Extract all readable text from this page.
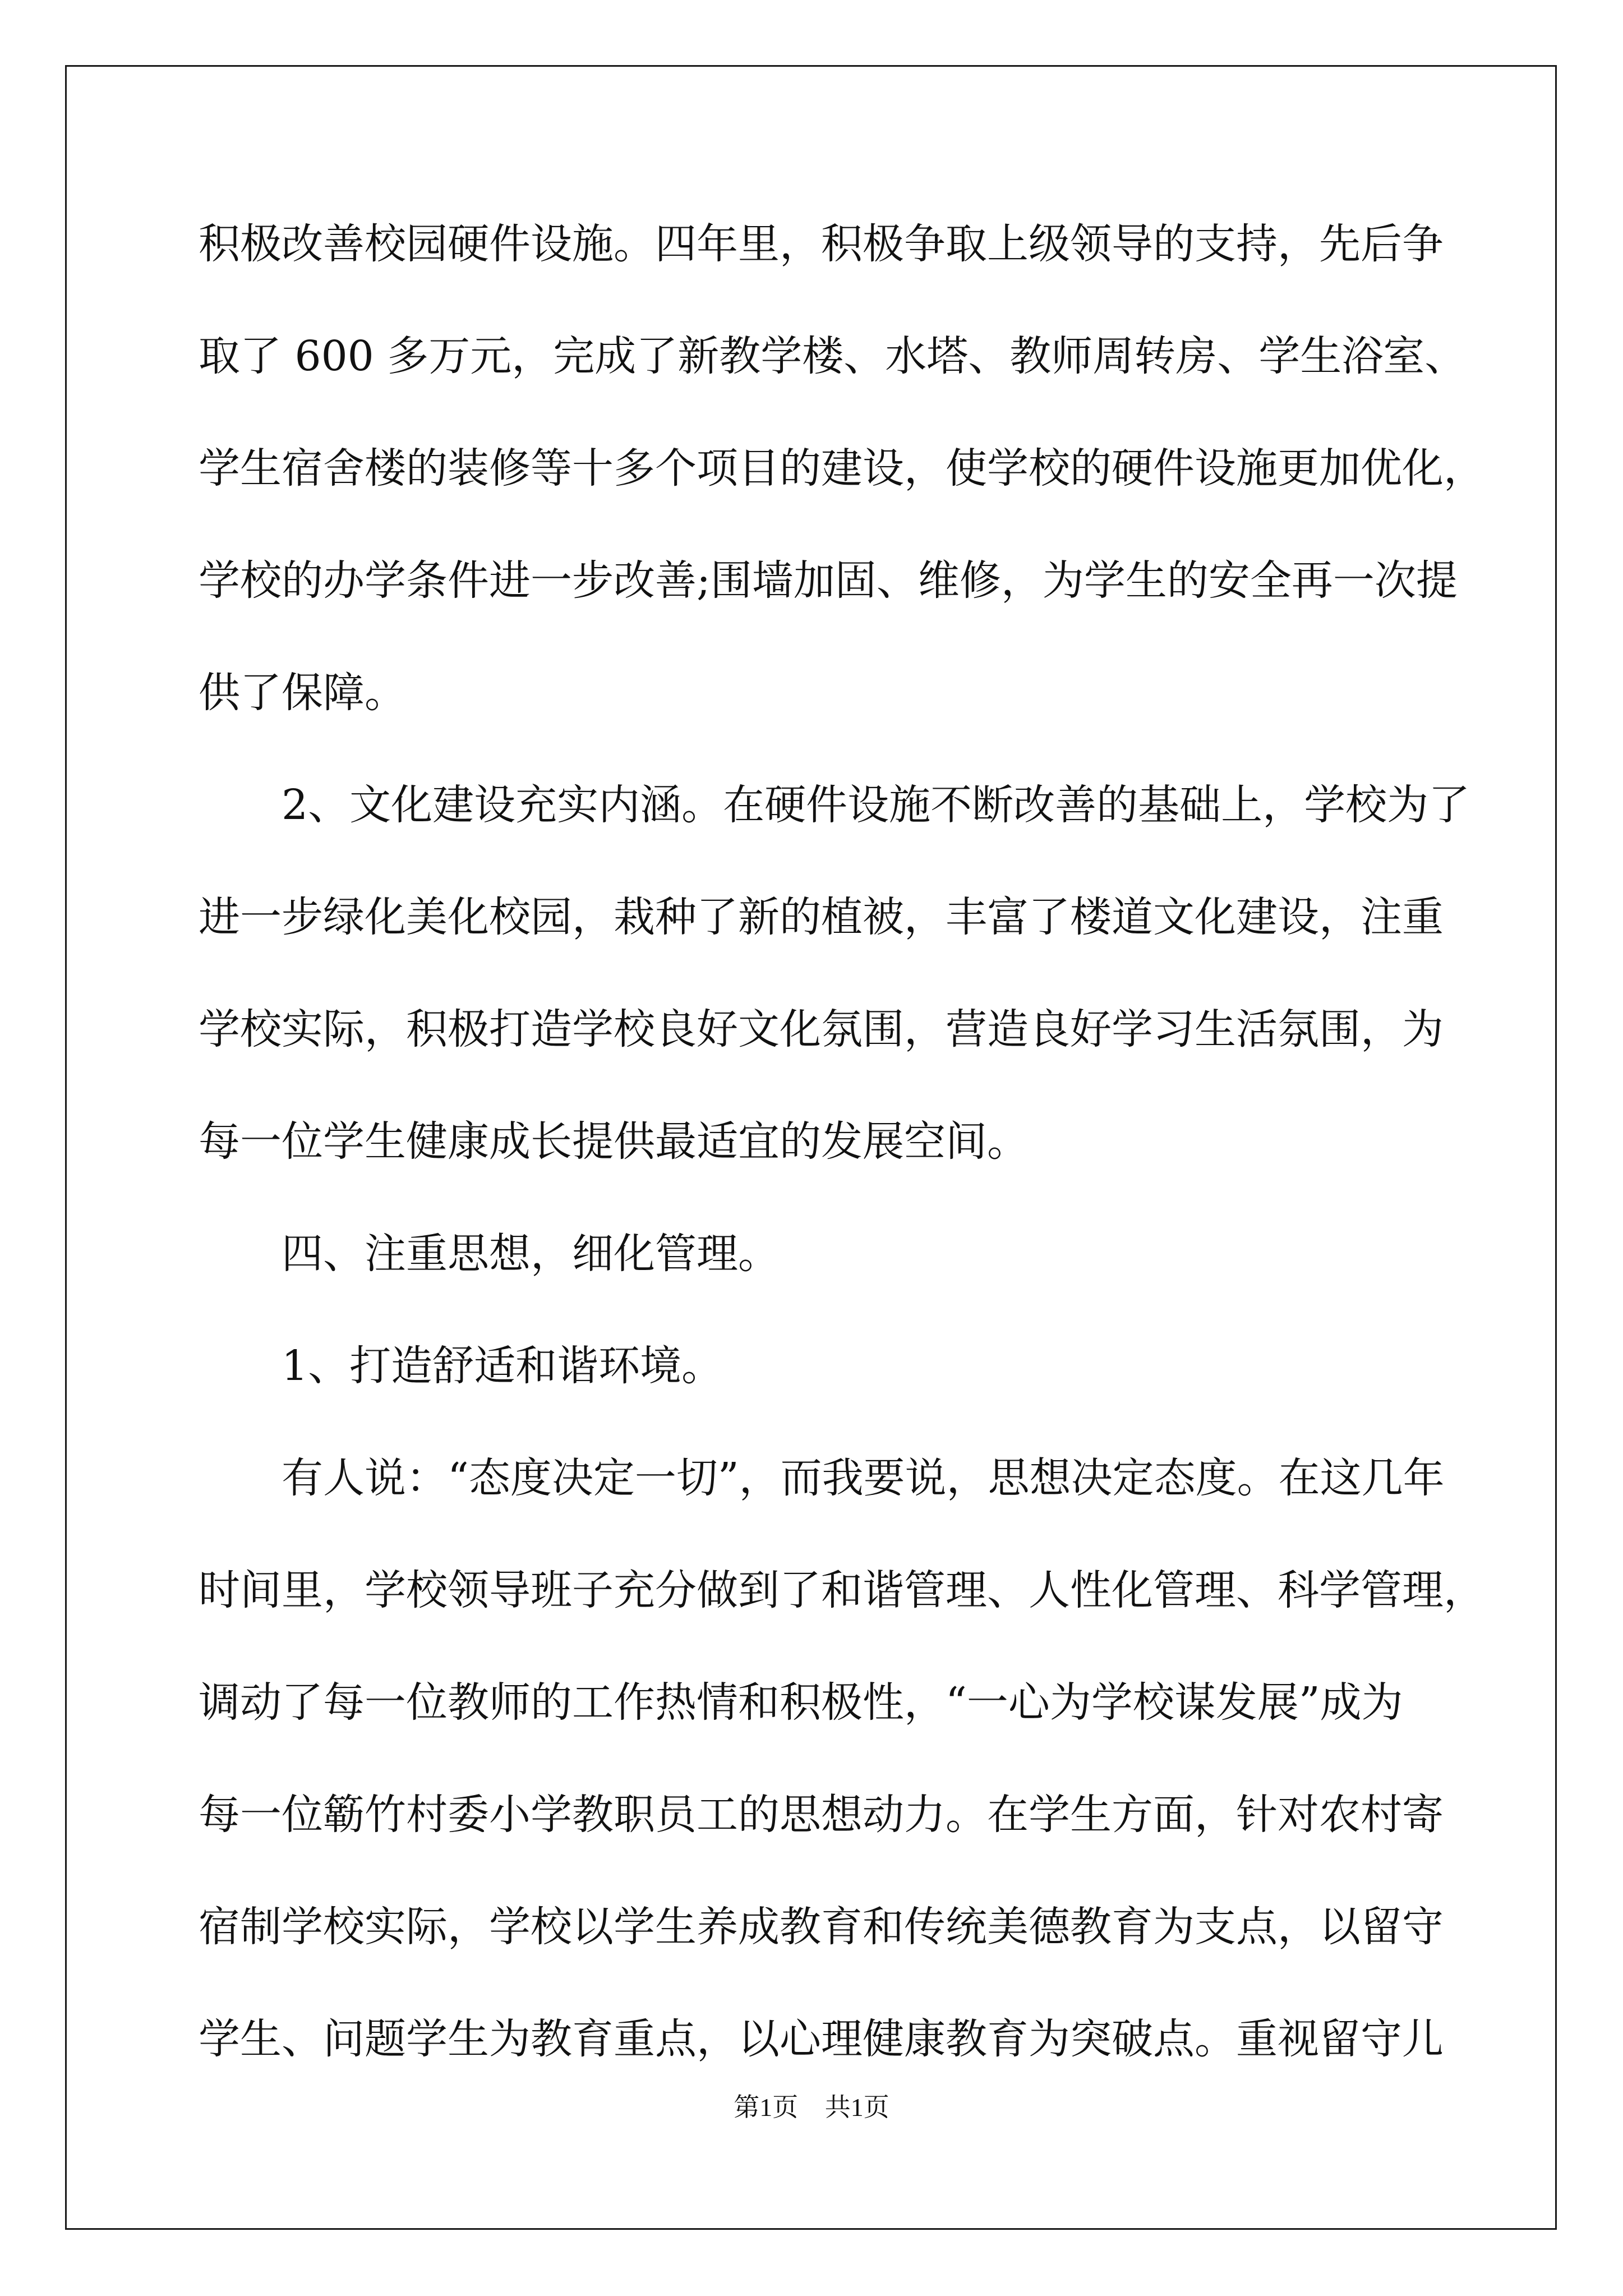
积极改善校园硬件设施。四年里，积极争取上级领导的支持，先后争
取了 600 多万元，完成了新教学楼、水塔、教师周转房、学生浴室、
学生宿舍楼的装修等十多个项目的建设，使学校的硬件设施更加优化，
学校的办学条件进一步改善;围墙加固、维修，为学生的安全再一次提
供了保障。
2、文化建设充实内涵。在硬件设施不断改善的基础上，学校为了
进一步绿化美化校园，栽种了新的植被，丰富了楼道文化建设，注重
学校实际，积极打造学校良好文化氛围，营造良好学习生活氛围，为
每一位学生健康成长提供最适宜的发展空间。
四、注重思想，细化管理。
1、打造舒适和谐环境。
有人说：“态度决定一切”，而我要说，思想决定态度。在这几年
时间里，学校领导班子充分做到了和谐管理、人性化管理、科学管理，
调动了每一位教师的工作热情和积极性，“一心为学校谋发展”成为
每一位簕竹村委小学教职员工的思想动力。在学生方面，针对农村寄
宿制学校实际，学校以学生养成教育和传统美德教育为支点，以留守
学生、问题学生为教育重点，以心理健康教育为突破点。重视留守儿
第1页 共1页
